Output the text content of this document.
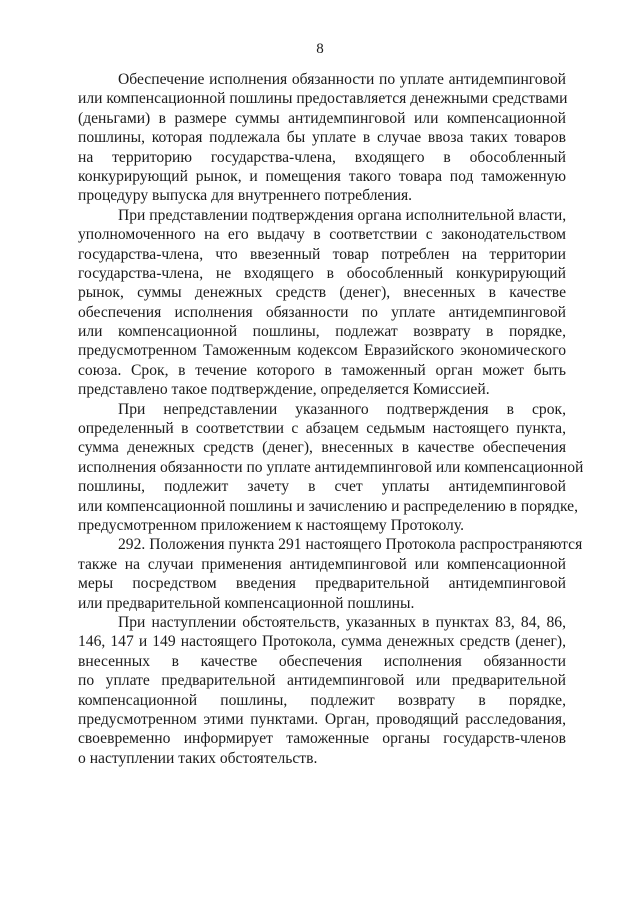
8
Обеспечение исполнения обязанности по уплате антидемпинговой
или компенсационной пошлины предоставляется денежными средствами
(деньгами) в размере суммы антидемпинговой или компенсационной
пошлины, которая подлежала бы уплате в случае ввоза таких товаров
на территорию государства-члена, входящего в обособленный
конкурирующий рынок, и помещения такого товара под таможенную
процедуру выпуска для внутреннего потребления.
При представлении подтверждения органа исполнительной власти,
уполномоченного на его выдачу в соответствии с законодательством
государства-члена, что ввезенный товар потреблен на территории
государства-члена, не входящего в обособленный конкурирующий
рынок, суммы денежных средств (денег), внесенных в качестве
обеспечения исполнения обязанности по уплате антидемпинговой
или компенсационной пошлины, подлежат возврату в порядке,
предусмотренном Таможенным кодексом Евразийского экономического
союза. Срок, в течение которого в таможенный орган может быть
представлено такое подтверждение, определяется Комиссией.
При непредставлении указанного подтверждения в срок,
определенный в соответствии с абзацем седьмым настоящего пункта,
сумма денежных средств (денег), внесенных в качестве обеспечения
исполнения обязанности по уплате антидемпинговой или компенсационной
пошлины, подлежит зачету в счет уплаты антидемпинговой
или компенсационной пошлины и зачислению и распределению в порядке,
предусмотренном приложением к настоящему Протоколу.
292. Положения пункта 291 настоящего Протокола распространяются
также на случаи применения антидемпинговой или компенсационной
меры посредством введения предварительной антидемпинговой
или предварительной компенсационной пошлины.
При наступлении обстоятельств, указанных в пунктах 83, 84, 86,
146, 147 и 149 настоящего Протокола, сумма денежных средств (денег),
внесенных в качестве обеспечения исполнения обязанности
по уплате предварительной антидемпинговой или предварительной
компенсационной пошлины, подлежит возврату в порядке,
предусмотренном этими пунктами. Орган, проводящий расследования,
своевременно информирует таможенные органы государств-членов
о наступлении таких обстоятельств.
